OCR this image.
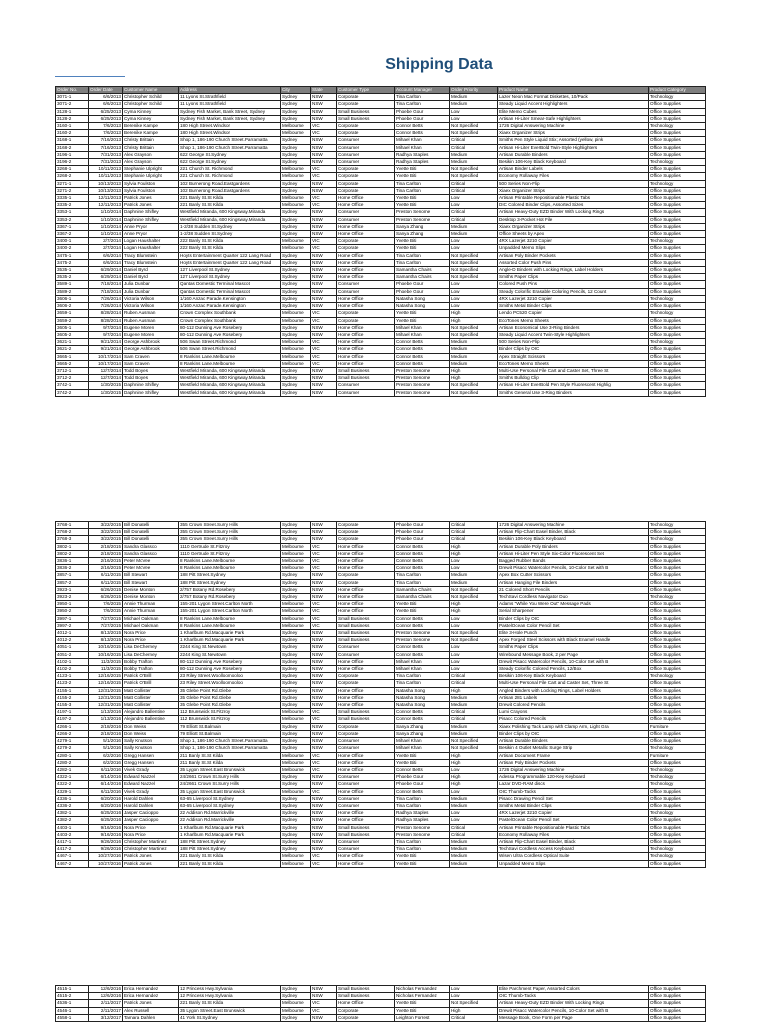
Shipping Data
Order No.	Order Date	Customer Name	Address	City	State	Customer Type	Account Manager	Order Priority	Product Name	Product Category
3071-1	6/6/2013	Christopher Schild	11 Lyons St.Strathfield	Sydney	NSW	Corporate	Tina Carlton	Medium	Lazer Neon Mac Format Diskettes, 10/Pack	Technology
3071-2	6/6/2013	Christopher Schild	11 Lyons St.Strathfield	Sydney	NSW	Corporate	Tina Carlton	Medium	Steady Liquid Accent Highlighters	Office Supplies
3128-1	6/25/2013	Cyma Kinney	Sydney Fish Market, Bank Street, Sydney	Sydney	NSW	Small Business	Phoebe Gour	Low	Elite Memo Cubes	Office Supplies
3128-2	6/25/2013	Cyma Kinney	Sydney Fish Market, Bank Street, Sydney	Sydney	NSW	Small Business	Phoebe Gour	Low	Artisan Hi-Liter Smear-Safe Highlighters	Office Supplies
3160-1	7/6/2013	Berenike Kampe	180 High Street.Windsor	Melbourne	VIC	Corporate	Connor Betts	Not Specified	1726 Digital Answering Machine	Technology
3160-2	7/6/2013	Berenike Kampe	180 High Street.Windsor	Melbourne	VIC	Corporate	Connor Betts	Not Specified	Xiaex Organizer Strips	Office Supplies
3168-1	7/16/2013	Christy Brittain	Shop 1, 186-190 Church Street.Parramatta	Sydney	NSW	Consumer	Mihael Khan	Critical	Smiths Pen Style Liquid Stix; Assorted (yellow, pink	Office Supplies
3168-2	7/16/2013	Christy Brittain	Shop 1, 186-190 Church Street.Parramatta	Sydney	NSW	Consumer	Mihael Khan	Critical	Artisan Hi-Liter EverBold Twin-Style Highlighters	Office Supplies
3196-1	7/31/2013	Alex Grayson	622 George St.Sydney	Sydney	NSW	Consumer	Radhya Staples	Medium	Artisan Durable Binders	Office Supplies
3196-2	7/31/2013	Alex Grayson	622 George St.Sydney	Sydney	NSW	Consumer	Radhya Staples	Medium	Besikin 106-Key Black Keyboard	Technology
3268-1	10/11/2013	Stephanie Ulpright	221 Church St. Richmond	Melbourne	VIC	Corporate	Yvette Biti	Not Specified	Artisan Binder Labels	Office Supplies
3268-2	10/11/2013	Stephanie Ulpright	221 Church St. Richmond	Melbourne	VIC	Corporate	Yvette Biti	Not Specified	Economy Rollaway Files	Office Supplies
3271-1	10/13/2013	Sylvia Foulston	102 Burnerong Road.Eastgardens	Sydney	NSW	Corporate	Tina Carlton	Critical	500 Series Non-Flip	Technology
3271-2	10/13/2013	Sylvia Foulston	102 Burnerong Road.Eastgardens	Sydney	NSW	Corporate	Tina Carlton	Critical	Xiaex Organizer Strips	Office Supplies
3335-1	12/11/2013	Patrick Jones	221 Banly St.St Kilda	Melbourne	VIC	Home Office	Yvette Biti	Low	Artisan Printable Repositionable Plastic Tabs	Office Supplies
3335-2	12/11/2013	Patrick Jones	221 Banly St.St Kilda	Melbourne	VIC	Home Office	Yvette Biti	Low	DIC Colored Binder Clips, Assorted Sizes	Office Supplies
3353-1	1/10/2014	Daphnine Shifley	Westfield Miranda, 600 Kingsway.Miranda	Sydney	NSW	Consumer	Preston Senome	Critical	Artisan Heavy-Duty EZD Binder With Locking Rings	Office Supplies
3353-2	1/10/2014	Daphnine Shifley	Westfield Miranda, 600 Kingsway.Miranda	Sydney	NSW	Consumer	Preston Senome	Critical	Desktop 3-Pocket Hot File	Office Supplies
3367-1	1/10/2014	Anne Pryor	1-2/38 Sudden St.Sydney	Sydney	NSW	Home Office	Sanya Zhang	Medium	Xiaex Organizer Strips	Office Supplies
3367-2	1/10/2014	Anne Pryor	1-2/38 Sudden St.Sydney	Sydney	NSW	Home Office	Sanya Zhang	Medium	Office Sheets by Apex	Office Supplies
3400-1	2/7/2014	Logan Haushalter	222 Banly St.St Kilda	Melbourne	VIC	Corporate	Yvette Biti	Low	4RX Lazerjet 3210 Copier	Technology
3400-2	2/7/2014	Logan Haushalter	222 Banly St.St Kilda	Melbourne	VIC	Corporate	Yvette Biti	Low	Unpadded Memo Slips	Office Supplies
3475-1	6/6/2014	Tracy Blumstein	Hoyts Entertainment Quarter 122 Lang Road	Sydney	NSW	Home Office	Tina Carlton	Not Specified	Artisan Poly Binder Pockets	Office Supplies
3475-2	6/6/2014	Tracy Blumstein	Hoyts Entertainment Quarter 122 Lang Road	Sydney	NSW	Home Office	Tina Carlton	Not Specified	Assorted Color Push Pins	Office Supplies
3535-1	6/29/2014	Daniel Byrd	127 Liverpool St.Sydney	Sydney	NSW	Home Office	Samantha Chairs	Not Specified	Angle-D Binders with Locking Rings, Label Holders	Office Supplies
3535-2	6/29/2014	Daniel Byrd	127 Liverpool St.Sydney	Sydney	NSW	Home Office	Samantha Chairs	Not Specified	Smiths Paper Clips	Office Supplies
3589-1	7/18/2014	Julia Dunbar	Qantas Domestic Terminal Mascot	Sydney	NSW	Consumer	Phoebe Gour	Low	Colored Push Pins	Office Supplies
3589-2	7/18/2014	Julia Dunbar	Qantas Domestic Terminal Mascot	Sydney	NSW	Consumer	Phoebe Gour	Low	Steady Colorific Erasable Coloring Pencils, 12 Count	Office Supplies
3606-1	7/26/2014	Victoria Wilson	1/160 Anzac Parade.Kensington	Sydney	NSW	Home Office	Natasha Song	Low	4RX Lazerjet 3210 Copier	Technology
3606-2	7/26/2014	Victoria Wilson	1/160 Anzac Parade.Kensington	Sydney	NSW	Home Office	Natasha Song	Low	Smiths Metal Binder Clips	Office Supplies
3659-1	8/28/2014	Ruben Ausman	Crown Complex Southbank	Melbourne	VIC	Corporate	Yvette Biti	High	Lendo PC520 Copier	Technology
3659-2	8/28/2014	Ruben Ausman	Crown Complex Southbank	Melbourne	VIC	Corporate	Yvette Biti	High	EcoTones Memo Sheets	Office Supplies
3605-1	9/7/2014	Eugene Moren	80-112 Dunning Ave Rosebery	Sydney	NSW	Home Office	Mihael Khan	Not Specified	Artisan Economical Use 3-Ring Binders	Office Supplies
3605-2	9/7/2014	Eugene Moren	80-112 Dunning Ave Rosebery	Sydney	NSW	Home Office	Mihael Khan	Not Specified	Steady Liquid Accent Twin-Style Highlighters	Office Supplies
3621-1	9/21/2014	George Ashbrook	506 Swan Street.Richmond	Melbourne	VIC	Home Office	Connor Betts	Medium	500 Series Non-Flip	Technology
3621-2	9/21/2014	George Ashbrook	506 Swan Street.Richmond	Melbourne	VIC	Home Office	Connor Betts	Medium	Binder Clips by OIC	Office Supplies
3665-1	10/17/2014	Sam Craven	8 Rankins Lane.Melbourne	Melbourne	VIC	Home Office	Connor Betts	Medium	Apex Straight Scissors	Office Supplies
3665-2	10/17/2014	Sam Craven	8 Rankins Lane.Melbourne	Melbourne	VIC	Home Office	Connor Betts	Medium	EcoTones Memo Sheets	Office Supplies
3712-1	12/7/2014	Todd Boyes	Westfield Miranda, 600 Kingsway.Miranda	Sydney	NSW	Small Business	Preston Senome	High	Multi-Use Personal File Cart and Caster Set, Three St	Office Supplies
3712-2	12/7/2014	Todd Boyes	Westfield Miranda, 600 Kingsway.Miranda	Sydney	NSW	Small Business	Preston Senome	High	Smiths Bulldog Clip	Office Supplies
3742-1	1/30/2015	Daphnine Shifley	Westfield Miranda, 600 Kingsway.Miranda	Sydney	NSW	Consumer	Preston Senome	Not Specified	Artisan Hi-Liter EverBold Pen Style Fluorescent Highlig	Office Supplies
3742-2	1/30/2015	Daphnine Shifley	Westfield Miranda, 600 Kingsway.Miranda	Sydney	NSW	Consumer	Preston Senome	Not Specified	Smiths General Use 3-Ring Binders	Office Supplies
3768-1	3/22/2015	Bill Donatelli	355 Crown Street.Surry Hills	Sydney	NSW	Corporate	Phoebe Gour	Critical	1726 Digital Answering Machine	Technology
3768-2	3/22/2015	Bill Donatelli	355 Crown Street.Surry Hills	Sydney	NSW	Corporate	Phoebe Gour	Critical	Artisan Flip-Chart Easel Binder, Black	Office Supplies
3768-3	3/22/2015	Bill Donatelli	355 Crown Street.Surry Hills	Sydney	NSW	Corporate	Phoebe Gour	Critical	Besikin 106-Key Black Keyboard	Technology
3802-1	2/18/2015	Sandra Glassco	1110 Gertrude St.Fitzroy	Melbourne	VIC	Home Office	Connor Betts	High	Artisan Durable Poly Binders	Office Supplies
3802-2	2/18/2015	Sandra Glassco	1110 Gertrude St.Fitzroy	Melbourne	VIC	Home Office	Connor Betts	High	Artisan Hi-Liter Pen Style Six-Color Fluorescent Set	Office Supplies
3836-1	2/16/2015	Peter McVee	8 Rankins Lane.Melbourne	Melbourne	VIC	Home Office	Connor Betts	Low	Bagged Rubber Bands	Office Supplies
3836-2	2/16/2015	Peter McVee	8 Rankins Lane.Melbourne	Melbourne	VIC	Home Office	Connor Betts	Low	Drewit Pisacc Watercolor Pencils, 10-Color Set with B	Office Supplies
3857-1	6/11/2015	Bill Stewart	188 Pitt Street.Sydney	Sydney	NSW	Corporate	Tina Carlton	Medium	Apex Box Cutter Scissors	Office Supplies
3857-2	6/11/2015	Bill Stewart	188 Pitt Street.Sydney	Sydney	NSW	Corporate	Tina Carlton	Medium	Artisan Hanging File Binders	Office Supplies
3923-1	6/26/2015	Denise Monton	2/757 Botany Rd.Rosebery	Sydney	NSW	Home Office	Samantha Chairs	Not Specified	21 Colored Short Pencils	Office Supplies
3923-2	6/26/2015	Denise Monton	2/757 Botany Rd.Rosebery	Sydney	NSW	Home Office	Samantha Chairs	Not Specified	TechSavi Cordless Navigator Duo	Technology
3950-1	7/6/2015	Annie Thurman	155-201 Lygon Street.Carlton North	Melbourne	VIC	Home Office	Yvette Biti	High	Adams "While You Were Out" Message Pads	Office Supplies
3950-2	7/6/2015	Annie Thurman	155-201 Lygon Street.Carlton North	Melbourne	VIC	Home Office	Yvette Biti	High	Serial Sharpener	Office Supplies
3997-1	7/27/2015	Michael Oakman	8 Rankins Lane.Melbourne	Melbourne	VIC	Small Business	Connor Betts	Low	Binder Clips by OIC	Office Supplies
3997-2	7/27/2015	Michael Oakman	8 Rankins Lane.Melbourne	Melbourne	VIC	Small Business	Connor Betts	Low	PastelOcean Color Pencil Set	Office Supplies
4012-1	8/13/2015	Nora Price	1 Kharlbum Rd.Macquarie Park	Sydney	NSW	Small Business	Preston Senome	Not Specified	Elite 3-Hole Punch	Office Supplies
4012-2	8/13/2015	Nora Price	1 Kharlbum Rd.Macquarie Park	Sydney	NSW	Small Business	Preston Senome	Not Specified	Apex Forged Steel Scissors with Black Enamel Handle	Office Supplies
4051-1	10/16/2015	Lisa DeCherney	2244 King St.Newtown	Sydney	NSW	Consumer	Connor Betts	Low	Smiths Paper Clips	Office Supplies
4051-2	10/16/2015	Lisa DeCherney	2244 King St.Newtown	Sydney	NSW	Consumer	Connor Betts	Low	Wirebound Message Book, 2 per Page	Office Supplies
4102-1	11/3/2015	Bobby Trafton	80-112 Dunning Ave Rosebery	Sydney	NSW	Home Office	Mihael Khan	Low	Drewit Pisacc Watercolor Pencils, 10-Color Set with B	Office Supplies
4102-2	11/3/2015	Bobby Trafton	80-112 Dunning Ave Rosebery	Sydney	NSW	Home Office	Mihael Khan	Low	Steady Colorific Colored Pencils, 12/Box	Office Supplies
4123-1	12/16/2015	Patrick O'Brill	23 Riley Street.Woolloomooloo	Sydney	NSW	Corporate	Tina Carlton	Critical	Besikin 106-Key Black Keyboard	Technology
4123-2	12/16/2015	Patrick O'Brill	23 Riley Street.Woolloomooloo	Sydney	NSW	Corporate	Tina Carlton	Critical	Multi-Use Personal File Cart and Caster Set, Three St	Office Supplies
4155-1	12/31/2015	Matt Collister	35 Glebe Point Rd.Glebe	Sydney	NSW	Home Office	Natasha Song	High	Angled Binders with Locking Rings, Label Holders	Office Supplies
4155-2	12/31/2015	Matt Collister	35 Glebe Point Rd.Glebe	Sydney	NSW	Home Office	Natasha Song	Medium	Artisan 281 Labels	Office Supplies
4155-3	12/31/2015	Matt Collister	35 Glebe Point Rd.Glebe	Sydney	NSW	Home Office	Natasha Song	Medium	Drewit Colored Pencils	Office Supplies
4197-1	1/13/2016	Alejandro Ballentine	112 Brunswick St.Fitzroy	Melbourne	VIC	Small Business	Connor Betts	Critical	Lumi Crayons	Office Supplies
4197-2	1/13/2016	Alejandro Ballentine	112 Brunswick St.Fitzroy	Melbourne	VIC	Small Business	Connor Betts	Critical	Pisacc Colored Pencils	Office Supplies
4266-1	2/18/2016	Don Weiss	79 Elliott St.Balmain	Sydney	NSW	Corporate	Sanya Zhang	Medium	Xiaex Polishing Tack Lamp with Clamp Arm, Light Gra	Furniture
4266-2	2/18/2016	Don Weiss	79 Elliott St.Balmain	Sydney	NSW	Corporate	Sanya Zhang	Medium	Binder Clips by OIC	Office Supplies
4279-1	5/1/2016	Sally Knutson	Shop 1, 186-190 Church Street.Parramatta	Sydney	NSW	Consumer	Mihael Khan	Not Specified	Artisan Durable Binders	Office Supplies
4279-2	5/1/2016	Sally Knutson	Shop 1, 186-190 Church Street.Parramatta	Sydney	NSW	Consumer	Mihael Khan	Not Specified	Besikin 4 Outlet Metallic Surge Strip	Technology
4280-1	6/2/2016	Gregg Hansen	211 Banly St.St Kilda	Melbourne	VIC	Home Office	Yvette Biti	High	Artisan Document Frame	Furniture
4280-2	6/2/2016	Gregg Hansen	211 Banly St.St Kilda	Melbourne	VIC	Home Office	Yvette Biti	High	Artisan Poly Binder Pockets	Office Supplies
4282-1	6/11/2016	Vivek Grady	35 Lygon Street.East Brunswick	Melbourne	VIC	Home Office	Connor Betts	Low	1726 Digital Answering Machine	Technology
4322-1	6/14/2016	Edward Nazzel	24/2661 Crown St.Surry Hills	Sydney	NSW	Consumer	Phoebe Gour	High	Adessa Programmable 120-Key Keyboard	Technology
4322-2	6/14/2016	Edward Nazzel	24/2661 Crown St.Surry Hills	Sydney	NSW	Consumer	Phoebe Gour	High	Lazar DVD-RAM discs	Technology
4329-1	6/11/2016	Vivek Grady	35 Lygon Street.East Brunswick	Melbourne	VIC	Home Office	Connor Betts	Low	OIC Thumb-Tacks	Office Supplies
4336-1	6/20/2016	Harold Dahlen	63-65 Liverpool St.Sydney	Sydney	NSW	Consumer	Tina Carlton	Medium	Pisacc Drawing Pencil Set	Office Supplies
4336-2	6/20/2016	Harold Dahlen	63-65 Liverpool St.Sydney	Sydney	NSW	Consumer	Tina Carlton	Medium	Smiths Metal Binder Clips	Office Supplies
4382-1	6/25/2016	Jasper Cacioppo	22 Addison Rd.Marrickville	Sydney	NSW	Home Office	Radhya Staples	Low	4RX Lazerjet 3210 Copier	Technology
4382-2	6/25/2016	Jasper Cacioppo	22 Addison Rd.Marrickville	Sydney	NSW	Home Office	Radhya Staples	Low	PastelOcean Color Pencil Set	Office Supplies
4403-1	9/16/2016	Nora Price	1 Kharlbum Rd.Macquarie Park	Sydney	NSW	Small Business	Preston Senome	Critical	Artisan Printable Repositionable Plastic Tabs	Office Supplies
4403-2	9/16/2016	Nora Price	1 Kharlbum Rd.Macquarie Park	Sydney	NSW	Small Business	Preston Senome	Critical	Economy Rollaway Files	Office Supplies
4417-1	9/26/2016	Christopher Martinez	188 Pitt Street.Sydney	Sydney	NSW	Consumer	Tina Carlton	Medium	Artisan Flip-Chart Easel Binder, Black	Office Supplies
4417-2	9/26/2016	Christopher Martinez	188 Pitt Street.Sydney	Sydney	NSW	Consumer	Tina Carlton	Medium	TechSavi Cordless Access Keyboard	Technology
4467-1	10/27/2016	Patrick Jones	221 Banly St.St Kilda	Melbourne	VIC	Home Office	Yvette Biti	Medium	Wisen Ultra Cordless Optical Suite	Technology
4467-2	10/27/2016	Patrick Jones	221 Banly St.St Kilda	Melbourne	VIC	Home Office	Yvette Biti	Medium	Unpadded Memo Slips	Office Supplies
4515-1	12/6/2016	Erica Hernandez	12 Princess Hwy.Sylvania	Sydney	NSW	Small Business	Nicholas Fernandez	Low	Elite Parchment Paper, Assorted Colors	Office Supplies
4515-2	12/6/2016	Erica Hernandez	12 Princess Hwy.Sylvania	Sydney	NSW	Small Business	Nicholas Fernandez	Low	OIC Thumb-Tacks	Office Supplies
4536-1	2/11/2017	Patrick Jones	221 Banly St.St Kilda	Melbourne	VIC	Home Office	Yvette Biti	Not Specified	Artisan Heavy-Duty EZD Binder With Locking Rings	Office Supplies
4546-1	2/11/2017	Alex Russell	35 Lygon Street.East Brunswick	Melbourne	VIC	Corporate	Yvette Biti	High	Drewit Pisacc Watercolor Pencils, 10-Color Set with B	Office Supplies
4558-1	3/12/2017	Tamara Dahlen	41 York St.Sydney	Sydney	NSW	Corporate	Leighton Forrest	Critical	Message Book, One Form per Page	Office Supplies
